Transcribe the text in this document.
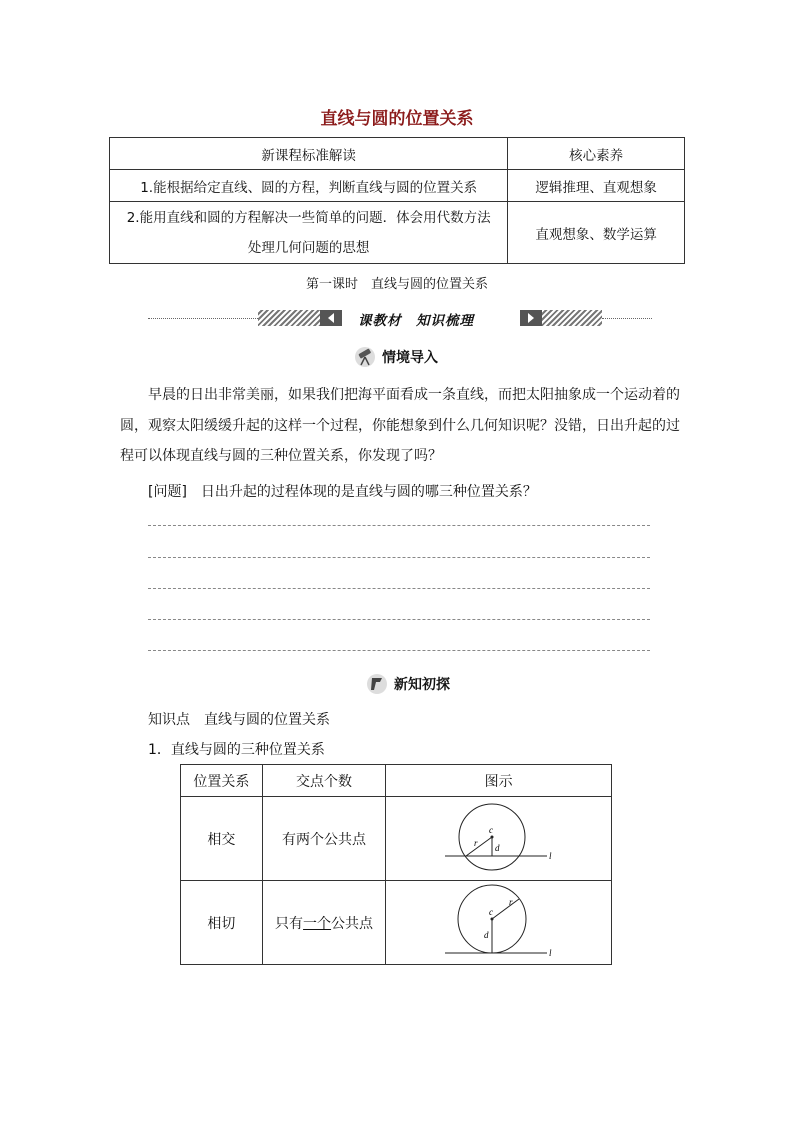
直线与圆的位置关系
新课程标准解读	核心素养
1.能根据给定直线、圆的方程，判断直线与圆的位置关系	逻辑推理、直观想象

2.能用直线和圆的方程解决一些简单的问题．体会用代数方法
处理几何问题的思想	直观想象、数学运算
第一课时　直线与圆的位置关系
课教材　知识梳理
情境导入
早晨的日出非常美丽，如果我们把海平面看成一条直线，而把太阳抽象成一个运动着的
圆，观察太阳缓缓升起的这样一个过程，你能想象到什么几何知识呢？没错，日出升起的过
程可以体现直线与圆的三种位置关系，你发现了吗？
[问题]　日出升起的过程体现的是直线与圆的哪三种位置关系？
新知初探
知识点　直线与圆的位置关系
1．直线与圆的三种位置关系
位置关系	交点个数	图示
相交	有两个公共点	c
r d
l

相切	只有一个公共点	c
r
d
l
